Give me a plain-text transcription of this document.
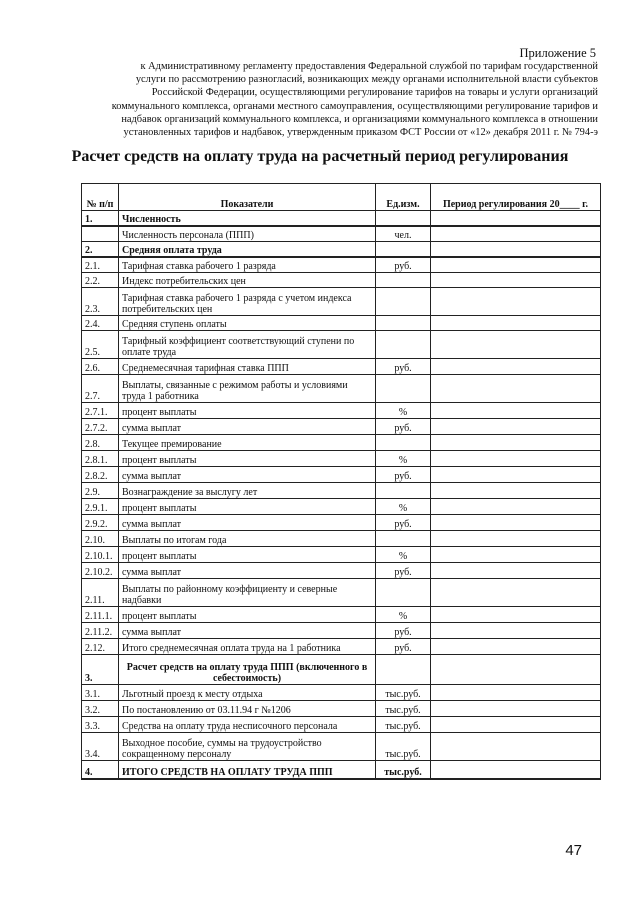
Приложение 5
к Административному регламенту предоставления Федеральной службой по тарифам государственной
услуги по рассмотрению разногласий, возникающих между органами исполнительной власти субъектов
Российской Федерации, осуществляющими регулирование тарифов на товары и услуги организаций
коммунального комплекса, органами местного самоуправления, осуществляющими регулирование тарифов и
надбавок организаций коммунального комплекса, и организациями коммунального комплекса в отношении
установленных тарифов и надбавок, утвержденным приказом ФСТ России от «12» декабря 2011 г. № 794-э
Расчет средств на оплату труда на расчетный период регулирования
№ п/п	Показатели	Ед.изм.	Период регулирования 20____ г.
1.	Численность		
	Численность персонала (ППП)	чел.	
2.	Средняя оплата труда		
2.1.	Тарифная ставка рабочего 1 разряда	руб.	
2.2.	Индекс потребительских цен		
2.3.	Тарифная ставка рабочего 1 разряда с учетом индекса потребительских цен		
2.4.	Средняя ступень оплаты		
2.5.	Тарифный коэффициент соответствующий ступени по оплате труда		
2.6.	Среднемесячная тарифная ставка ППП	руб.	
2.7.	Выплаты, связанные с режимом работы и условиями труда 1 работника		
2.7.1.	процент выплаты	%	
2.7.2.	сумма выплат	руб.	
2.8.	Текущее премирование		
2.8.1.	процент выплаты	%	
2.8.2.	сумма выплат	руб.	
2.9.	Вознаграждение за выслугу лет		
2.9.1.	процент выплаты	%	
2.9.2.	сумма выплат	руб.	
2.10.	Выплаты по итогам года		
2.10.1.	процент выплаты	%	
2.10.2.	сумма выплат	руб.	
2.11.	Выплаты по районному коэффициенту и северные надбавки		
2.11.1.	процент выплаты	%	
2.11.2.	сумма выплат	руб.	
2.12.	Итого среднемесячная оплата труда на 1 работника	руб.	
3.	Расчет средств на оплату труда ППП (включенного в себестоимость)		
3.1.	Льготный проезд к месту отдыха	тыс.руб.	
3.2.	По постановлению от 03.11.94 г №1206	тыс.руб.	
3.3.	Средства на оплату труда несписочного персонала	тыс.руб.	
3.4.	Выходное пособие, суммы на трудоустройство сокращенному персоналу	тыс.руб.	
4.	ИТОГО СРЕДСТВ НА ОПЛАТУ ТРУДА ППП	тыс.руб.	
47
